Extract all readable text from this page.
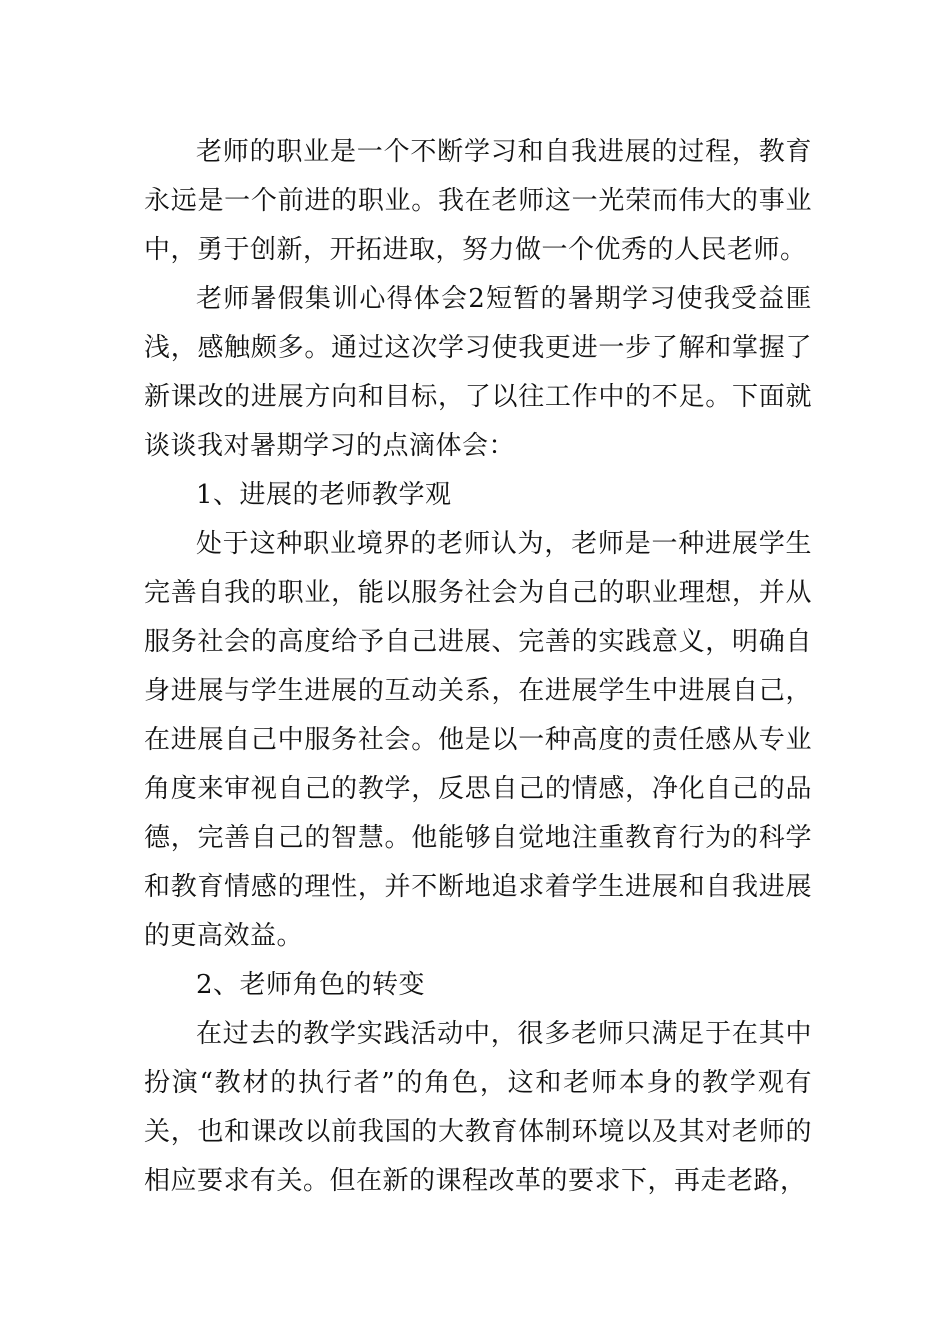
老师的职业是一个不断学习和自我进展的过程，教育永远是一个前进的职业。我在老师这一光荣而伟大的事业中，勇于创新，开拓进取，努力做一个优秀的人民老师。

老师暑假集训心得体会2短暂的暑期学习使我受益匪浅，感触颇多。通过这次学习使我更进一步了解和掌握了新课改的进展方向和目标，了以往工作中的不足。下面就谈谈我对暑期学习的点滴体会：

1、进展的老师教学观

处于这种职业境界的老师认为，老师是一种进展学生完善自我的职业，能以服务社会为自己的职业理想，并从服务社会的高度给予自己进展、完善的实践意义，明确自身进展与学生进展的互动关系，在进展学生中进展自己，在进展自己中服务社会。他是以一种高度的责任感从专业角度来审视自己的教学，反思自己的情感，净化自己的品德，完善自己的智慧。他能够自觉地注重教育行为的科学和教育情感的理性，并不断地追求着学生进展和自我进展的更高效益。

2、老师角色的转变

在过去的教学实践活动中，很多老师只满足于在其中扮演“教材的执行者”的角色，这和老师本身的教学观有关，也和课改以前我国的大教育体制环境以及其对老师的相应要求有关。但在新的课程改革的要求下，再走老路，
